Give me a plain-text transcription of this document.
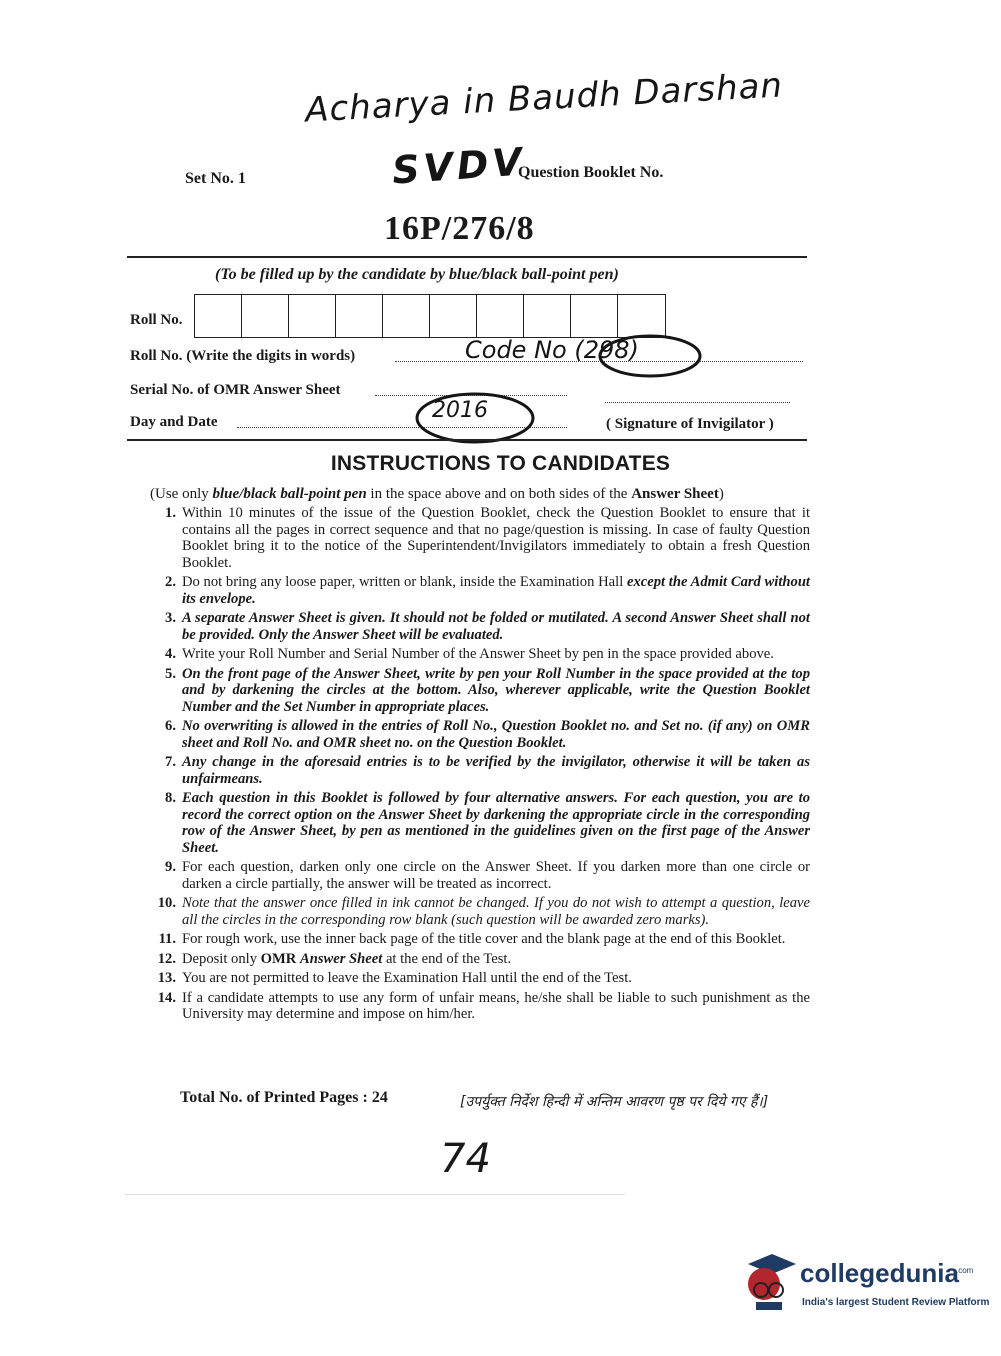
Acharya in Baudh Darshan
SVDV
Set No. 1	Question Booklet No.
16P/276/8
(To be filled up by the candidate by blue/black ball-point pen)
Roll No.
Roll No. (Write the digits in words)	Code No (298)
Serial No. of OMR Answer Sheet
Day and Date	2016
( Signature of Invigilator )
INSTRUCTIONS TO CANDIDATES
(Use only blue/black ball-point pen in the space above and on both sides of the Answer Sheet)
1. Within 10 minutes of the issue of the Question Booklet, check the Question Booklet to ensure that it contains all the pages in correct sequence and that no page/question is missing. In case of faulty Question Booklet bring it to the notice of the Superintendent/Invigilators immediately to obtain a fresh Question Booklet.
2. Do not bring any loose paper, written or blank, inside the Examination Hall except the Admit Card without its envelope.
3. A separate Answer Sheet is given. It should not be folded or mutilated. A second Answer Sheet shall not be provided. Only the Answer Sheet will be evaluated.
4. Write your Roll Number and Serial Number of the Answer Sheet by pen in the space provided above.
5. On the front page of the Answer Sheet, write by pen your Roll Number in the space provided at the top and by darkening the circles at the bottom. Also, wherever applicable, write the Question Booklet Number and the Set Number in appropriate places.
6. No overwriting is allowed in the entries of Roll No., Question Booklet no. and Set no. (if any) on OMR sheet and Roll No. and OMR sheet no. on the Question Booklet.
7. Any change in the aforesaid entries is to be verified by the invigilator, otherwise it will be taken as unfairmeans.
8. Each question in this Booklet is followed by four alternative answers. For each question, you are to record the correct option on the Answer Sheet by darkening the appropriate circle in the corresponding row of the Answer Sheet, by pen as mentioned in the guidelines given on the first page of the Answer Sheet.
9. For each question, darken only one circle on the Answer Sheet. If you darken more than one circle or darken a circle partially, the answer will be treated as incorrect.
10. Note that the answer once filled in ink cannot be changed. If you do not wish to attempt a question, leave all the circles in the corresponding row blank (such question will be awarded zero marks).
11. For rough work, use the inner back page of the title cover and the blank page at the end of this Booklet.
12. Deposit only OMR Answer Sheet at the end of the Test.
13. You are not permitted to leave the Examination Hall until the end of the Test.
14. If a candidate attempts to use any form of unfair means, he/she shall be liable to such punishment as the University may determine and impose on him/her.
Total No. of Printed Pages : 24	[उपर्युक्त निर्देश हिन्दी में अन्तिम आवरण पृष्ठ पर दिये गए हैं।]
74
collegedunia
.com
India's largest Student Review Platform
